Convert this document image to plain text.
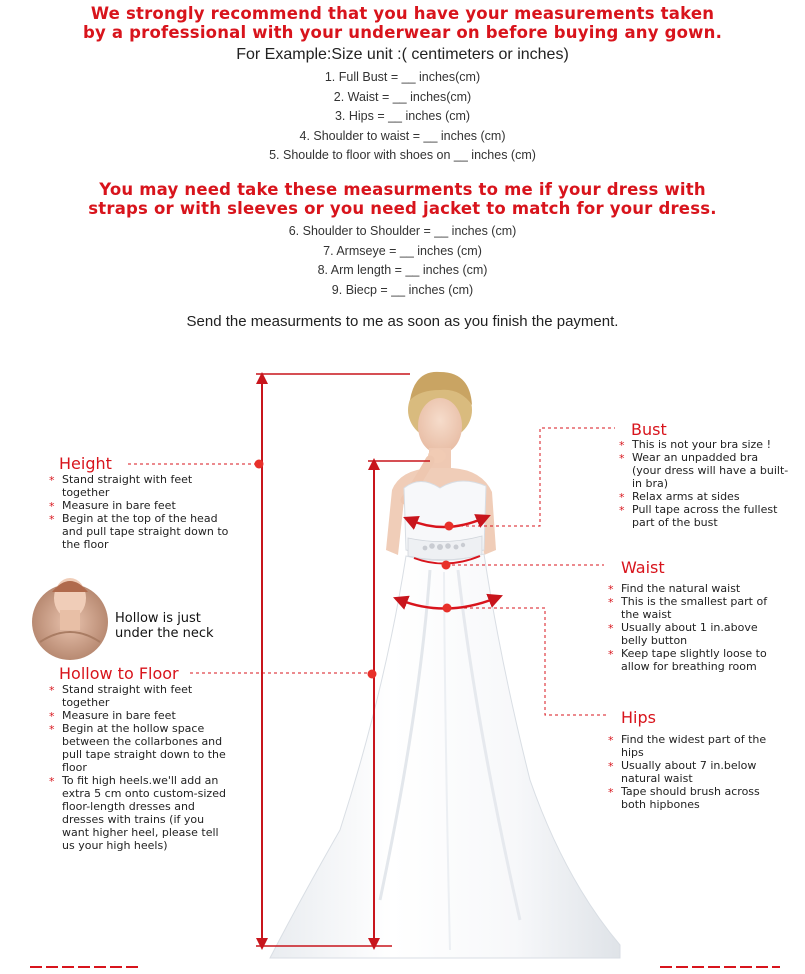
We strongly recommend that you have your measurements taken
by a professional with your underwear on before buying any gown.
For Example:Size unit :( centimeters or inches)
1. Full Bust = __ inches(cm)
2. Waist = __ inches(cm)
3. Hips = __ inches (cm)
4. Shoulder to waist = __ inches (cm)
5. Shoulde to floor with shoes on __ inches (cm)
You may need take these measurments to me if your dress with
straps or with sleeves or you need jacket to match for your dress.
6. Shoulder to Shoulder = __ inches (cm)
7. Armseye = __ inches (cm)
8. Arm length = __ inches (cm)
9. Biecp = __ inches (cm)
Send the measurments to me as soon as you finish the payment.
Height
* Stand straight with feet together
* Measure in bare feet
* Begin at the top of the head and pull tape straight down to the floor
Hollow is just
under the neck
Hollow to Floor
* Stand straight with feet together
* Measure in bare feet
* Begin at the hollow space between the collarbones and pull tape straight down to the floor
* To fit high heels.we'll add an extra 5 cm onto custom-sized floor-length dresses and dresses with trains (if you want higher heel, please tell us your high heels)
Bust
* This is not your bra size !
* Wear an unpadded bra (your dress will have a built-in bra)
* Relax arms at sides
* Pull tape across the fullest part of the bust
Waist
* Find the natural waist
* This is the smallest part of the waist
* Usually about 1 in.above belly button
* Keep tape slightly loose to allow for breathing room
Hips
* Find the widest part of the hips
* Usually about 7 in.below natural waist
* Tape should brush across both hipbones
